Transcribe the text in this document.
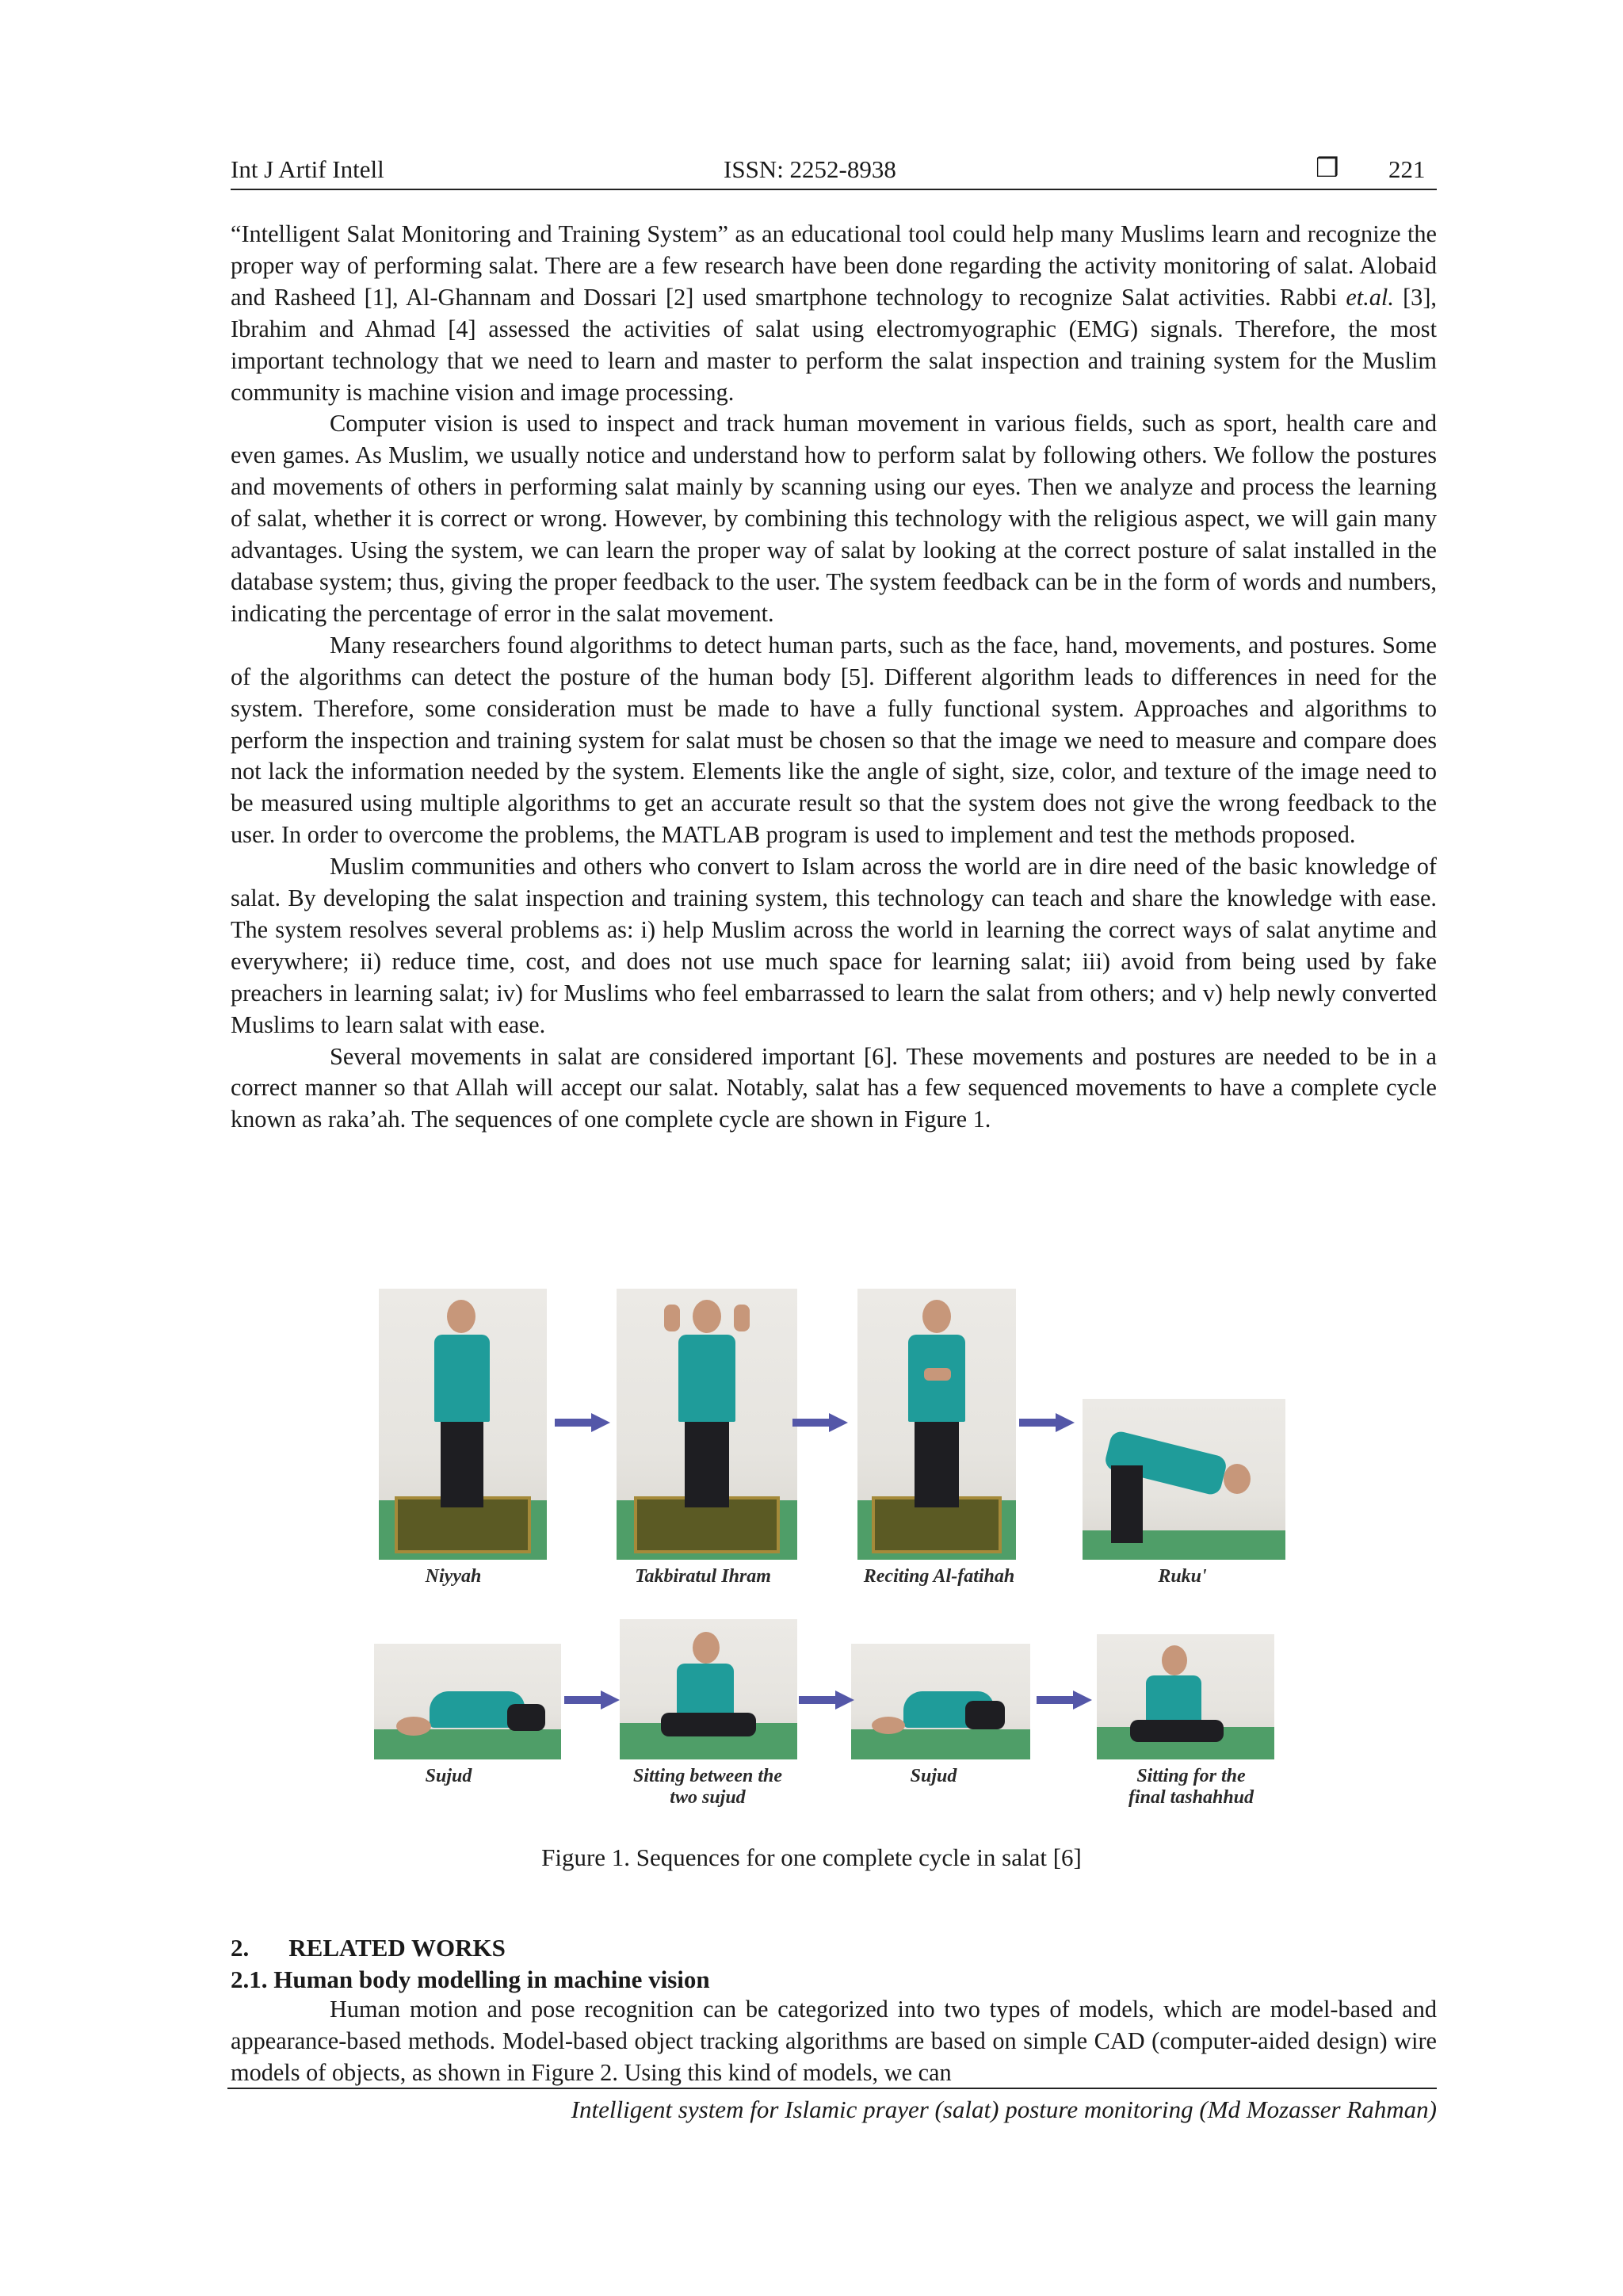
Int J Artif Intell	ISSN: 2252-8938	❒ 221

“Intelligent Salat Monitoring and Training System” as an educational tool could help many Muslims learn and recognize the proper way of performing salat. There are a few research have been done regarding the activity monitoring of salat. Alobaid and Rasheed [1], Al-Ghannam and Dossari [2] used smartphone technology to recognize Salat activities. Rabbi et.al. [3], Ibrahim and Ahmad [4] assessed the activities of salat using electromyographic (EMG) signals. Therefore, the most important technology that we need to learn and master to perform the salat inspection and training system for the Muslim community is machine vision and image processing.

Computer vision is used to inspect and track human movement in various fields, such as sport, health care and even games. As Muslim, we usually notice and understand how to perform salat by following others. We follow the postures and movements of others in performing salat mainly by scanning using our eyes. Then we analyze and process the learning of salat, whether it is correct or wrong. However, by combining this technology with the religious aspect, we will gain many advantages. Using the system, we can learn the proper way of salat by looking at the correct posture of salat installed in the database system; thus, giving the proper feedback to the user. The system feedback can be in the form of words and numbers, indicating the percentage of error in the salat movement.

Many researchers found algorithms to detect human parts, such as the face, hand, movements, and postures. Some of the algorithms can detect the posture of the human body [5]. Different algorithm leads to differences in need for the system. Therefore, some consideration must be made to have a fully functional system. Approaches and algorithms to perform the inspection and training system for salat must be chosen so that the image we need to measure and compare does not lack the information needed by the system. Elements like the angle of sight, size, color, and texture of the image need to be measured using multiple algorithms to get an accurate result so that the system does not give the wrong feedback to the user. In order to overcome the problems, the MATLAB program is used to implement and test the methods proposed.

Muslim communities and others who convert to Islam across the world are in dire need of the basic knowledge of salat. By developing the salat inspection and training system, this technology can teach and share the knowledge with ease. The system resolves several problems as: i) help Muslim across the world in learning the correct ways of salat anytime and everywhere; ii) reduce time, cost, and does not use much space for learning salat; iii) avoid from being used by fake preachers in learning salat; iv) for Muslims who feel embarrassed to learn the salat from others; and v) help newly converted Muslims to learn salat with ease.

Several movements in salat are considered important [6]. These movements and postures are needed to be in a correct manner so that Allah will accept our salat. Notably, salat has a few sequenced movements to have a complete cycle known as raka’ah. The sequences of one complete cycle are shown in Figure 1.

Niyyah	Takbiratul Ihram	Reciting Al-fatihah	Ruku'
Sujud	Sitting between the
two sujud
Sujud	Sitting for the
final tashahhud
Figure 1. Sequences for one complete cycle in salat [6]
2. RELATED WORKS
2.1. Human body modelling in machine vision

Human motion and pose recognition can be categorized into two types of models, which are model-based and appearance-based methods. Model-based object tracking algorithms are based on simple CAD (computer-aided design) wire models of objects, as shown in Figure 2. Using this kind of models, we can

Intelligent system for Islamic prayer (salat) posture monitoring (Md Mozasser Rahman)
